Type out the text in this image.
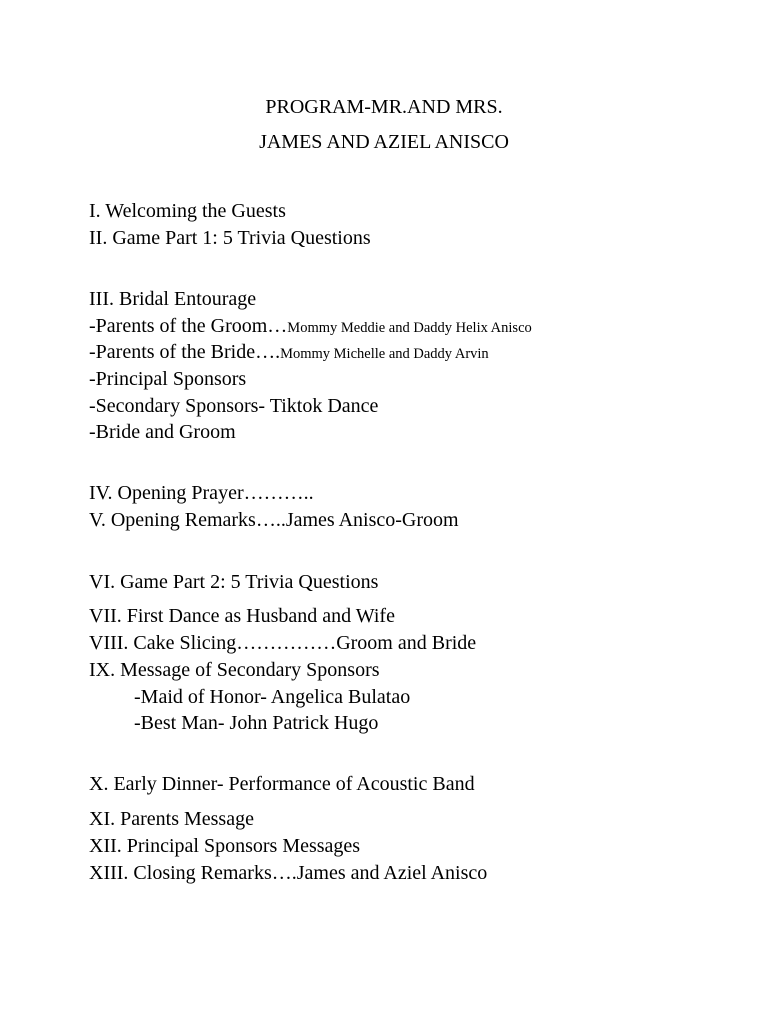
PROGRAM-MR.AND MRS.
JAMES AND AZIEL ANISCO
I. Welcoming the Guests
II. Game Part 1: 5 Trivia Questions
III. Bridal Entourage
-Parents of the Groom…Mommy Meddie and Daddy Helix Anisco
-Parents of the Bride….Mommy Michelle and Daddy Arvin
-Principal Sponsors
-Secondary Sponsors- Tiktok Dance
-Bride and Groom
IV. Opening Prayer………..
V. Opening Remarks…..James Anisco-Groom
VI. Game Part 2: 5 Trivia Questions
VII. First Dance as Husband and Wife
VIII. Cake Slicing……………Groom and Bride
IX. Message of Secondary Sponsors
-Maid of Honor- Angelica Bulatao
-Best Man- John Patrick Hugo
X. Early Dinner- Performance of Acoustic Band
XI. Parents Message
XII. Principal Sponsors Messages
XIII. Closing Remarks….James and Aziel Anisco
